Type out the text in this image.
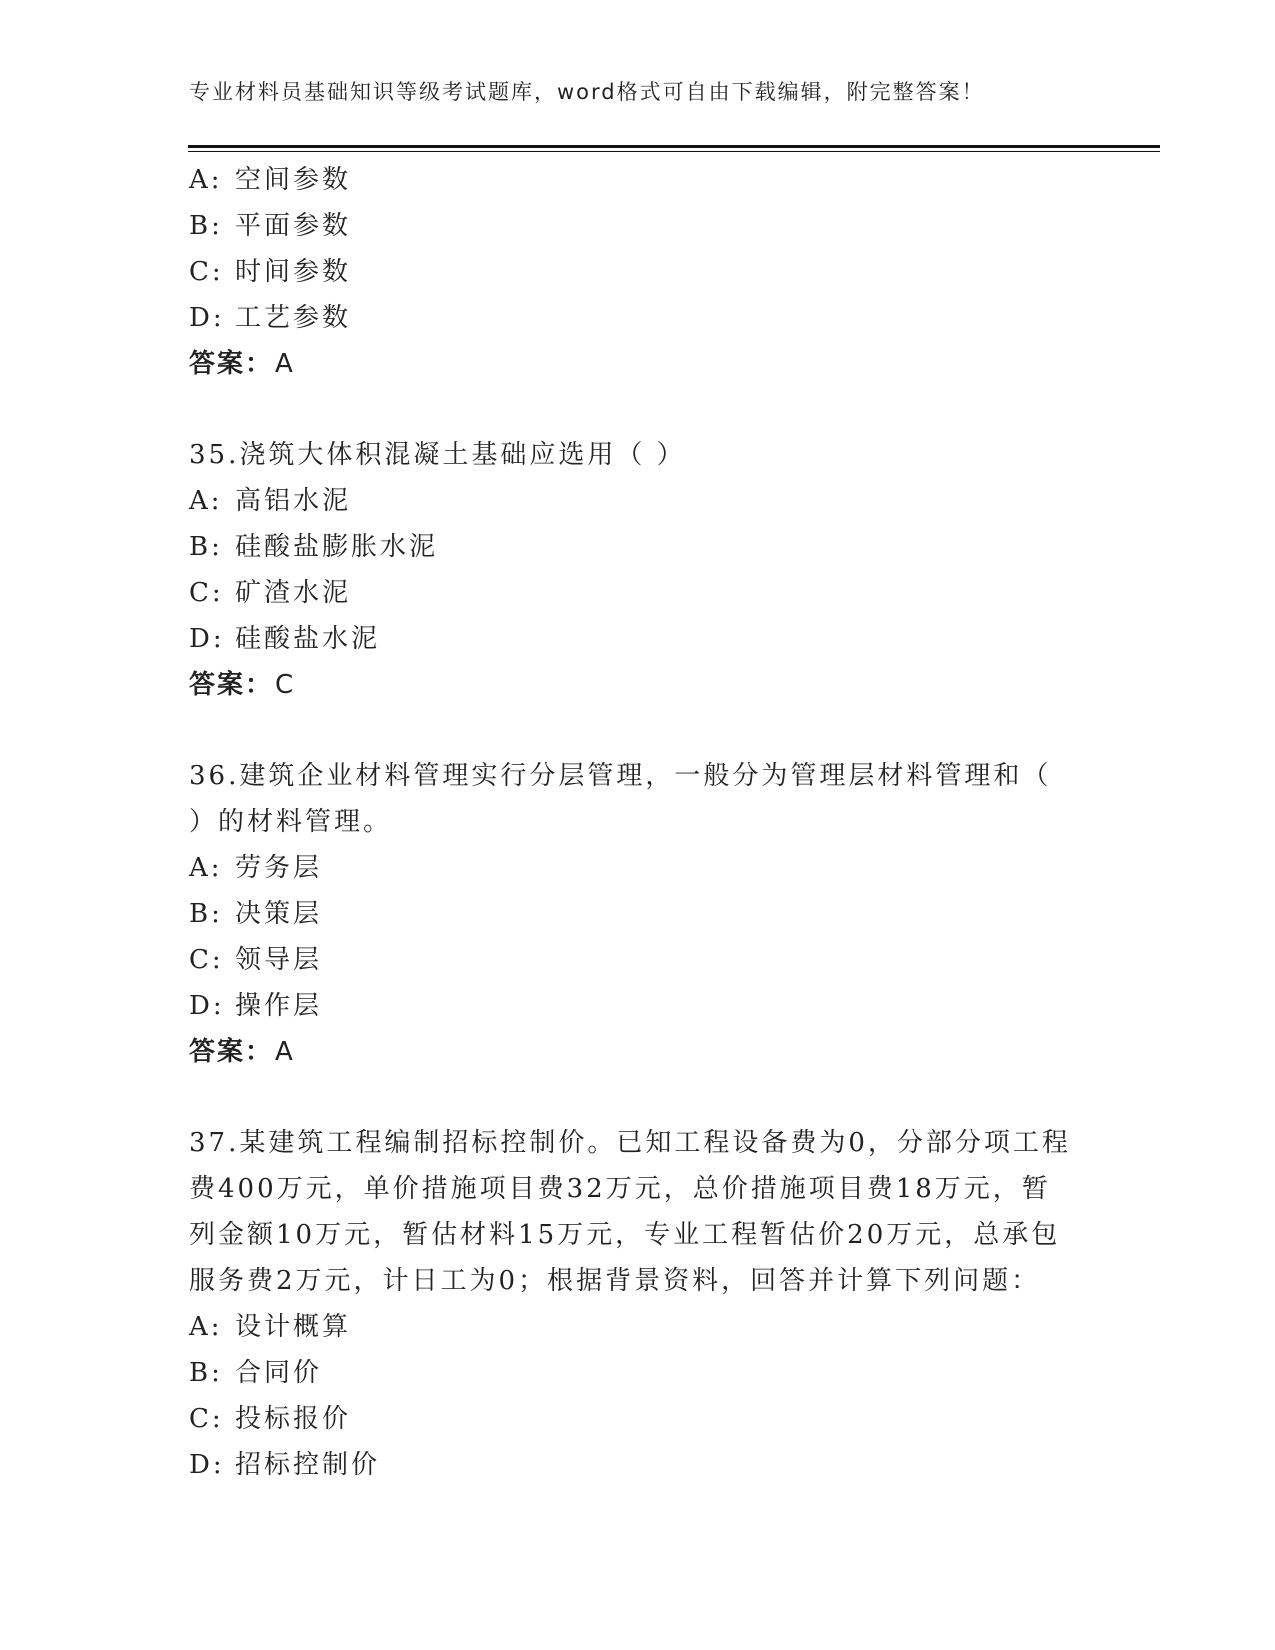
专业材料员基础知识等级考试题库，word格式可自由下载编辑，附完整答案！
A: 空间参数
B: 平面参数
C: 时间参数
D: 工艺参数
答案：A
35.浇筑大体积混凝土基础应选用（ ）
A: 高铝水泥
B: 硅酸盐膨胀水泥
C: 矿渣水泥
D: 硅酸盐水泥
答案：C
36.建筑企业材料管理实行分层管理，一般分为管理层材料管理和（
）的材料管理。
A: 劳务层
B: 决策层
C: 领导层
D: 操作层
答案：A
37.某建筑工程编制招标控制价。已知工程设备费为0，分部分项工程
费400万元，单价措施项目费32万元，总价措施项目费18万元，暂
列金额10万元，暂估材料15万元，专业工程暂估价20万元，总承包
服务费2万元，计日工为0；根据背景资料，回答并计算下列问题：
A: 设计概算
B: 合同价
C: 投标报价
D: 招标控制价
